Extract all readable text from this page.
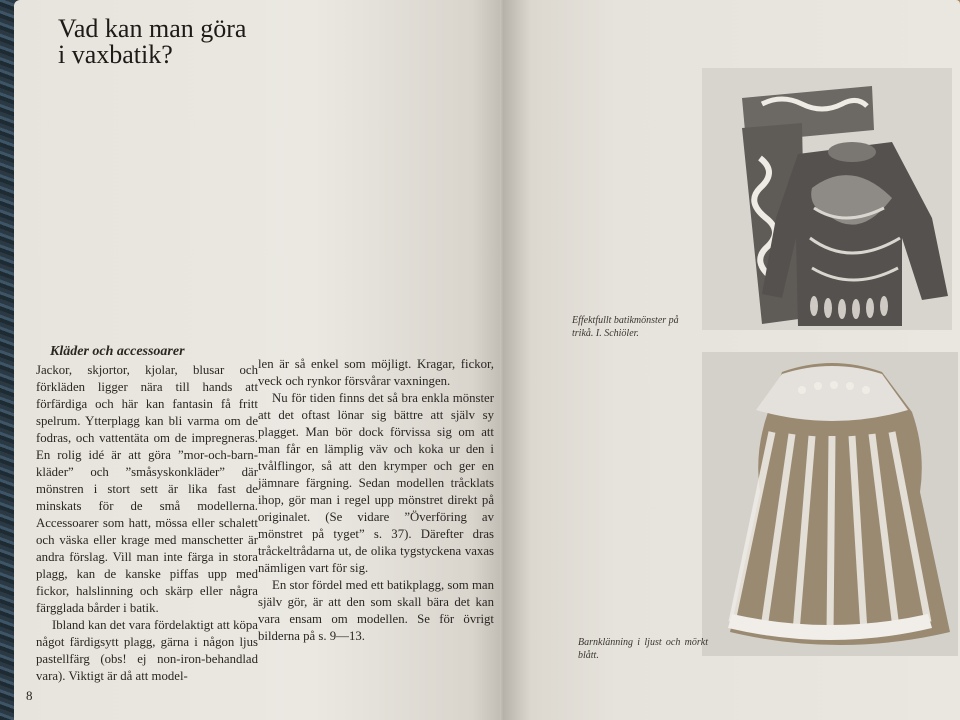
Vad kan man göra
i vaxbatik?
Kläder och accessoarer

Jackor, skjortor, kjolar, blusar och förkläden ligger nära till hands att förfärdiga och här kan fantasin få fritt spelrum. Ytterplagg kan bli varma om de fodras, och vattentäta om de impregneras. En rolig idé är att göra ”mor-och-barn-kläder” och ”småsyskonkläder” där mönstren i stort sett är lika fast de minskats för de små modellerna. Accessoarer som hatt, mössa eller schalett och väska eller krage med manschetter är andra förslag. Vill man inte färga in stora plagg, kan de kanske piffas upp med fickor, halslinning och skärp eller några färgglada bårder i batik.

Ibland kan det vara fördelaktigt att köpa något färdigsytt plagg, gärna i någon ljus pastellfärg (obs! ej non-iron-behandlad vara). Viktigt är då att model-

len är så enkel som möjligt. Kragar, fickor, veck och rynkor försvårar vaxningen.

Nu för tiden finns det så bra enkla mönster att det oftast lönar sig bättre att själv sy plagget. Man bör dock förvissa sig om att man får en lämplig väv och koka ur den i tvålflingor, så att den krymper och ger en jämnare färgning. Sedan modellen tråcklats ihop, gör man i regel upp mönstret direkt på originalet. (Se vidare ”Överföring av mönstret på tyget” s. 37). Därefter dras tråckeltrådarna ut, de olika tygstyckena vaxas nämligen vart för sig.

En stor fördel med ett batikplagg, som man själv gör, är att den som skall bära det kan vara ensam om modellen. Se för övrigt bilderna på s. 9—13.

8
Effektfullt batikmönster på trikå. I. Schiöler.
Barnklänning i ljust och mörkt blått.
